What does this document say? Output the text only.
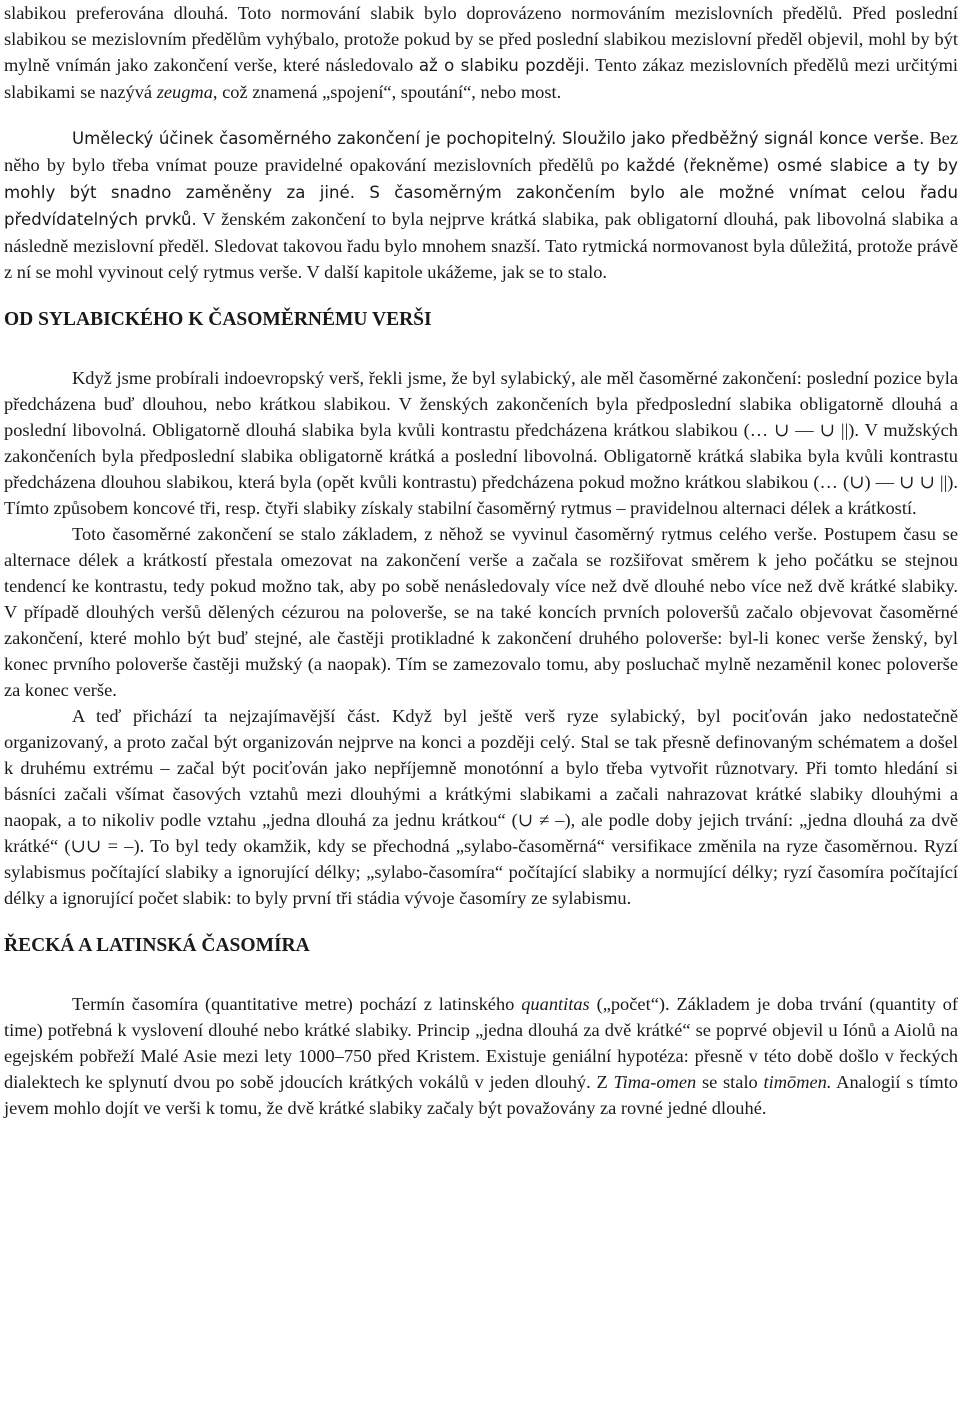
slabikou preferována dlouhá. Toto normování slabik bylo doprovázeno normováním mezislovních předělů. Před poslední slabikou se mezislovním předělům vyhýbalo, protože pokud by se před poslední slabikou mezislovní předěl objevil, mohl by být mylně vnímán jako zakončení verše, které následovalo až o slabiku později. Tento zákaz mezislovních předělů mezi určitými slabikami se nazývá zeugma, což znamená „spojení“, spoutání“, nebo most.

Umělecký účinek časoměrného zakončení je pochopitelný. Sloužilo jako předběžný signál konce verše. Bez něho by bylo třeba vnímat pouze pravidelné opakování mezislovních předělů po každé (řekněme) osmé slabice a ty by mohly být snadno zaměněny za jiné. S časoměrným zakončením bylo ale možné vnímat celou řadu předvídatelných prvků. V ženském zakončení to byla nejprve krátká slabika, pak obligatorní dlouhá, pak libovolná slabika a následně mezislovní předěl. Sledovat takovou řadu bylo mnohem snazší. Tato rytmická normovanost byla důležitá, protože právě z ní se mohl vyvinout celý rytmus verše. V další kapitole ukážeme, jak se to stalo.

OD SYLABICKÉHO K ČASOMĚRNÉMU VERŠI

Když jsme probírali indoevropský verš, řekli jsme, že byl sylabický, ale měl časoměrné zakončení: poslední pozice byla předcházena buď dlouhou, nebo krátkou slabikou. V ženských zakončeních byla předposlední slabika obligatorně dlouhá a poslední libovolná. Obligatorně dlouhá slabika byla kvůli kontrastu předcházena krátkou slabikou (… ∪ — ∪ ||). V mužských zakončeních byla předposlední slabika obligatorně krátká a poslední libovolná. Obligatorně krátká slabika byla kvůli kontrastu předcházena dlouhou slabikou, která byla (opět kvůli kontrastu) předcházena pokud možno krátkou slabikou (… (∪) — ∪ ∪ ||). Tímto způsobem koncové tři, resp. čtyři slabiky získaly stabilní časoměrný rytmus – pravidelnou alternaci délek a krátkostí.

Toto časoměrné zakončení se stalo základem, z něhož se vyvinul časoměrný rytmus celého verše. Postupem času se alternace délek a krátkostí přestala omezovat na zakončení verše a začala se rozšiřovat směrem k jeho počátku se stejnou tendencí ke kontrastu, tedy pokud možno tak, aby po sobě nenásledovaly více než dvě dlouhé nebo více než dvě krátké slabiky. V případě dlouhých veršů dělených cézurou na poloverše, se na také koncích prvních poloveršů začalo objevovat časoměrné zakončení, které mohlo být buď stejné, ale častěji protikladné k zakončení druhého poloverše: byl-li konec verše ženský, byl konec prvního poloverše častěji mužský (a naopak). Tím se zamezovalo tomu, aby posluchač mylně nezaměnil konec poloverše za konec verše.

A teď přichází ta nejzajímavější část. Když byl ještě verš ryze sylabický, byl pociťován jako nedostatečně organizovaný, a proto začal být organizován nejprve na konci a později celý. Stal se tak přesně definovaným schématem a došel k druhému extrému – začal být pociťován jako nepříjemně monotónní a bylo třeba vytvořit různotvary. Při tomto hledání si básníci začali všímat časových vztahů mezi dlouhými a krátkými slabikami a začali nahrazovat krátké slabiky dlouhými a naopak, a to nikoliv podle vztahu „jedna dlouhá za jednu krátkou“ (∪ ≠ –), ale podle doby jejich trvání: „jedna dlouhá za dvě krátké“ (∪∪ = –). To byl tedy okamžik, kdy se přechodná „sylabo-časoměrná“ versifikace změnila na ryze časoměrnou. Ryzí sylabismus počítající slabiky a ignorující délky; „sylabo-časomíra“ počítající slabiky a normující délky; ryzí časomíra počítající délky a ignorující počet slabik: to byly první tři stádia vývoje časomíry ze sylabismu.

ŘECKÁ A LATINSKÁ ČASOMÍRA

Termín časomíra (quantitative metre) pochází z latinského quantitas („počet“). Základem je doba trvání (quantity of time) potřebná k vyslovení dlouhé nebo krátké slabiky. Princip „jedna dlouhá za dvě krátké“ se poprvé objevil u Iónů a Aiolů na egejském pobřeží Malé Asie mezi lety 1000–750 před Kristem. Existuje geniální hypotéza: přesně v této době došlo v řeckých dialektech ke splynutí dvou po sobě jdoucích krátkých vokálů v jeden dlouhý. Z Tima-omen se stalo timōmen. Analogií s tímto jevem mohlo dojít ve verši k tomu, že dvě krátké slabiky začaly být považovány za rovné jedné dlouhé.
